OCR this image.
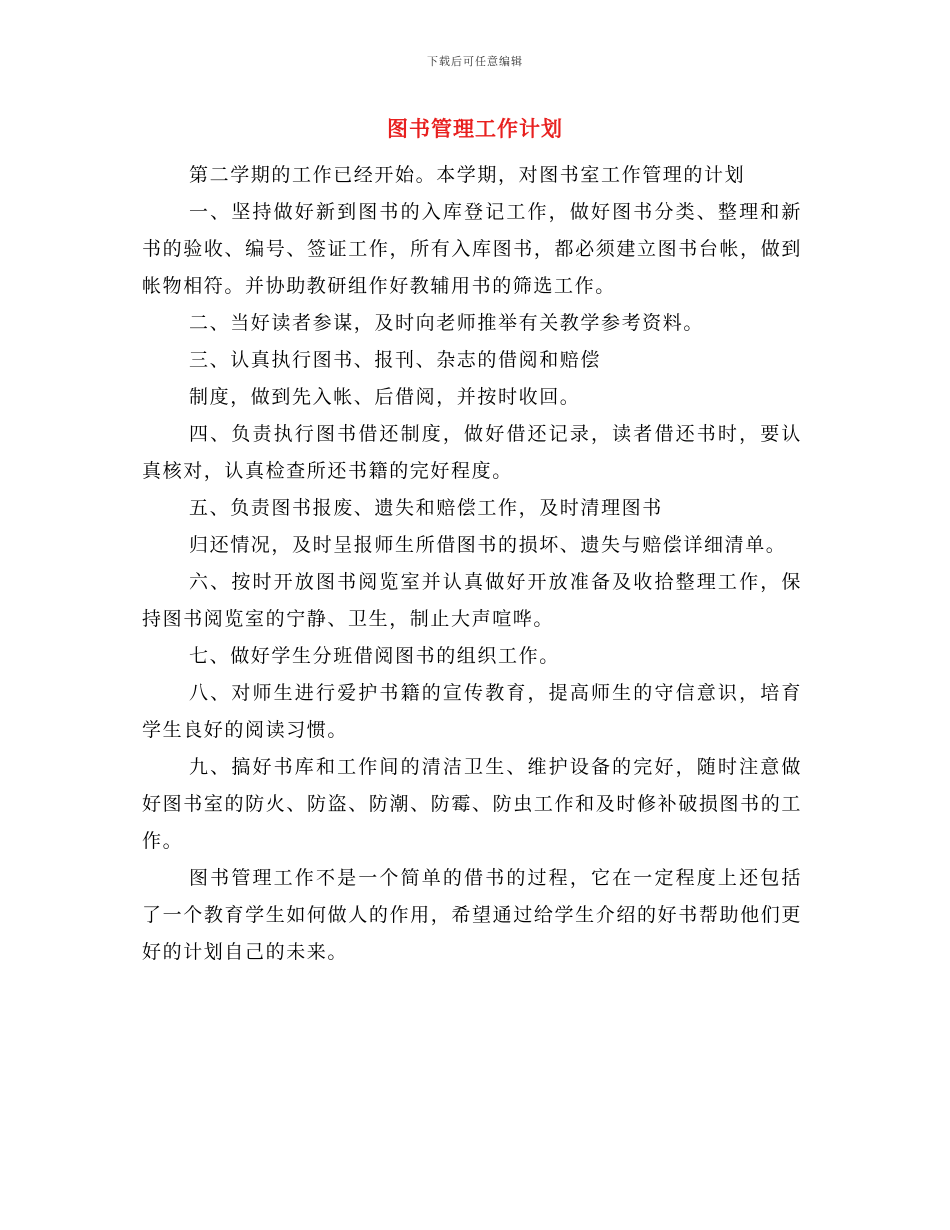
下载后可任意编辑
图书管理工作计划

第二学期的工作已经开始。本学期，对图书室工作管理的计划

一、坚持做好新到图书的入库登记工作，做好图书分类、整理和新书的验收、编号、签证工作，所有入库图书，都必须建立图书台帐，做到帐物相符。并协助教研组作好教辅用书的筛选工作。

二、当好读者参谋，及时向老师推举有关教学参考资料。

三、认真执行图书、报刊、杂志的借阅和赔偿

制度，做到先入帐、后借阅，并按时收回。

四、负责执行图书借还制度，做好借还记录，读者借还书时，要认真核对，认真检查所还书籍的完好程度。

五、负责图书报废、遗失和赔偿工作，及时清理图书

归还情况，及时呈报师生所借图书的损坏、遗失与赔偿详细清单。

六、按时开放图书阅览室并认真做好开放准备及收拾整理工作，保持图书阅览室的宁静、卫生，制止大声喧哗。

七、做好学生分班借阅图书的组织工作。

八、对师生进行爱护书籍的宣传教育，提高师生的守信意识，培育学生良好的阅读习惯。

九、搞好书库和工作间的清洁卫生、维护设备的完好，随时注意做好图书室的防火、防盗、防潮、防霉、防虫工作和及时修补破损图书的工作。

图书管理工作不是一个简单的借书的过程，它在一定程度上还包括了一个教育学生如何做人的作用，希望通过给学生介绍的好书帮助他们更好的计划自己的未来。
